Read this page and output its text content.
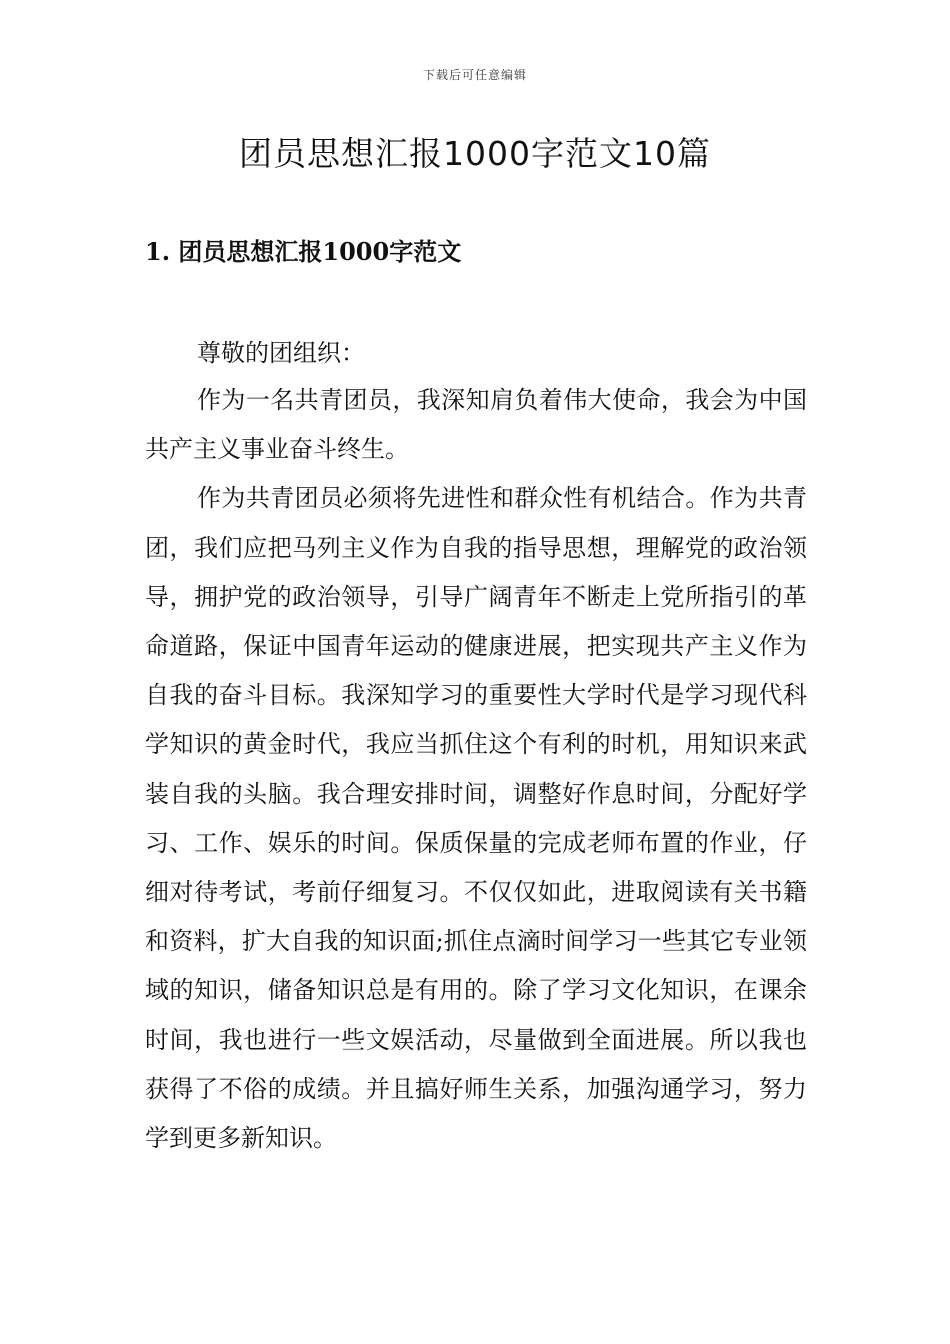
下载后可任意编辑
团员思想汇报1000字范文10篇
1. 团员思想汇报1000字范文

尊敬的团组织：

作为一名共青团员，我深知肩负着伟大使命，我会为中国共产主义事业奋斗终生。

作为共青团员必须将先进性和群众性有机结合。作为共青团，我们应把马列主义作为自我的指导思想，理解党的政治领导，拥护党的政治领导，引导广阔青年不断走上党所指引的革命道路，保证中国青年运动的健康进展，把实现共产主义作为自我的奋斗目标。我深知学习的重要性大学时代是学习现代科学知识的黄金时代，我应当抓住这个有利的时机，用知识来武装自我的头脑。我合理安排时间，调整好作息时间，分配好学习、工作、娱乐的时间。保质保量的完成老师布置的作业，仔细对待考试，考前仔细复习。不仅仅如此，进取阅读有关书籍和资料，扩大自我的知识面;抓住点滴时间学习一些其它专业领域的知识，储备知识总是有用的。除了学习文化知识，在课余时间，我也进行一些文娱活动，尽量做到全面进展。所以我也获得了不俗的成绩。并且搞好师生关系，加强沟通学习，努力学到更多新知识。
